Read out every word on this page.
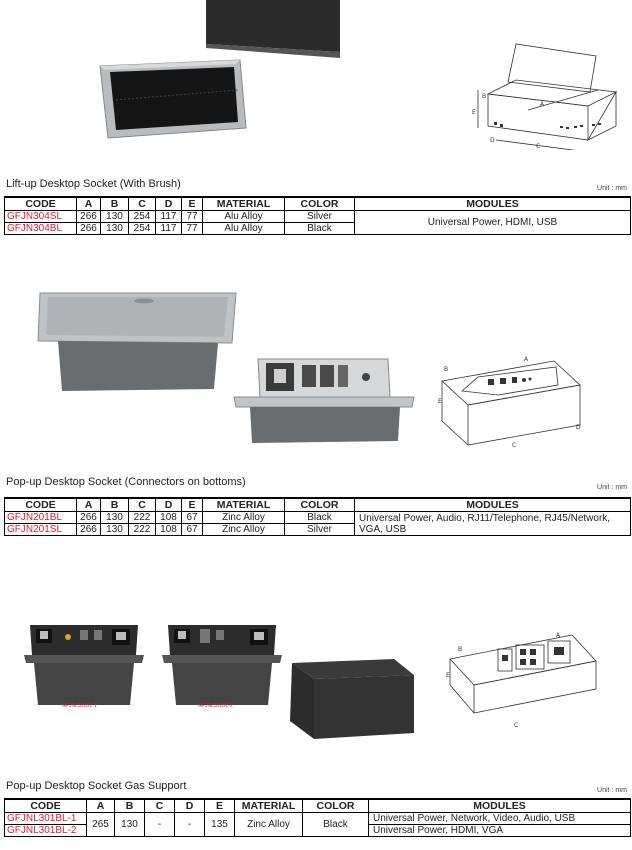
A
B
C
D
E
Lift-up Desktop Socket (With Brush)	Unit : mm
CODE	A	B	C	D	E	MATERIAL	COLOR	MODULES
GFJN304SL	266	130	254	117	77	Alu Alloy	Silver	Universal Power, HDMI, USB
GFJN304BL	266	130	254	117	77	Alu Alloy	Black	
A
B
C
D
E
Pop-up Desktop Socket (Connectors on bottoms)	Unit : mm
CODE	A	B	C	D	E	MATERIAL	COLOR	MODULES
GFJN201BL	266	130	222	108	67	Zinc Alloy	Black	Universal Power, Audio, RJ11/Telephone, RJ45/Network, VGA, USB
GFJN201SL	266	130	222	108	67	Zinc Alloy	Silver	
GFJNL301BL-1	GFJNL301BL-2
A
B
C
E
Pop-up Desktop Socket Gas Support	Unit : mm
CODE	A	B	C	D	E	MATERIAL	COLOR	MODULES
GFJNL301BL-1	265	130	-	-	135	Zinc Alloy	Black	Universal Power, Network, Video, Audio, USB
GFJNL301BL-2								Universal Power, HDMI, VGA
